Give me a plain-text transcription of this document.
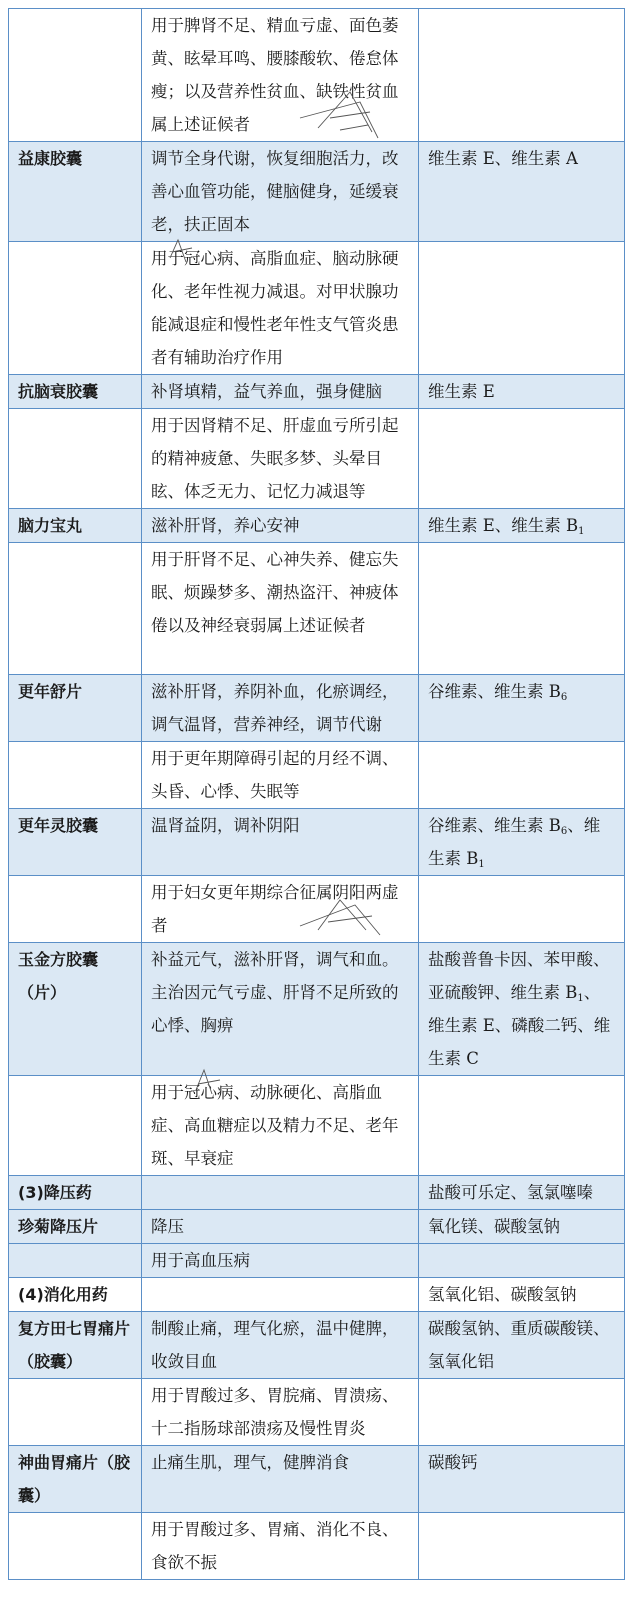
	用于脾肾不足、精血亏虚、面色萎黄、眩晕耳鸣、腰膝酸软、倦怠体瘦；以及营养性贫血、缺铁性贫血属上述证候者	
益康胶囊	调节全身代谢，恢复细胞活力，改善心血管功能，健脑健身，延缓衰老，扶正固本	维生素 E、维生素 A
	用于冠心病、高脂血症、脑动脉硬化、老年性视力减退。对甲状腺功能减退症和慢性老年性支气管炎患者有辅助治疗作用	
抗脑衰胶囊	补肾填精，益气养血，强身健脑	维生素 E
	用于因肾精不足、肝虚血亏所引起的精神疲惫、失眠多梦、头晕目眩、体乏无力、记忆力减退等	
脑力宝丸	滋补肝肾，养心安神	维生素 E、维生素 B1
	用于肝肾不足、心神失养、健忘失眠、烦躁梦多、潮热盗汗、神疲体倦以及神经衰弱属上述证候者	
更年舒片	滋补肝肾，养阴补血，化瘀调经，调气温肾，营养神经，调节代谢	谷维素、维生素 B6
	用于更年期障碍引起的月经不调、头昏、心悸、失眠等	
更年灵胶囊	温肾益阴，调补阴阳	谷维素、维生素 B6、维生素 B1
	用于妇女更年期综合征属阴阳两虚者	
玉金方胶囊（片）	补益元气，滋补肝肾，调气和血。主治因元气亏虚、肝肾不足所致的心悸、胸痹	盐酸普鲁卡因、苯甲酸、亚硫酸钾、维生素 B1、维生素 E、磷酸二钙、维生素 C
	用于冠心病、动脉硬化、高脂血症、高血糖症以及精力不足、老年斑、早衰症	
(3)降压药		盐酸可乐定、氢氯噻嗪
珍菊降压片	降压	氧化镁、碳酸氢钠
	用于高血压病	
(4)消化用药		氢氧化铝、碳酸氢钠
复方田七胃痛片（胶囊）	制酸止痛，理气化瘀，温中健脾，收敛目血	碳酸氢钠、重质碳酸镁、 氢氧化铝
	用于胃酸过多、胃脘痛、胃溃疡、十二指肠球部溃疡及慢性胃炎	
神曲胃痛片（胶囊）	止痛生肌，理气，健脾消食	碳酸钙
	用于胃酸过多、胃痛、消化不良、食欲不振	
